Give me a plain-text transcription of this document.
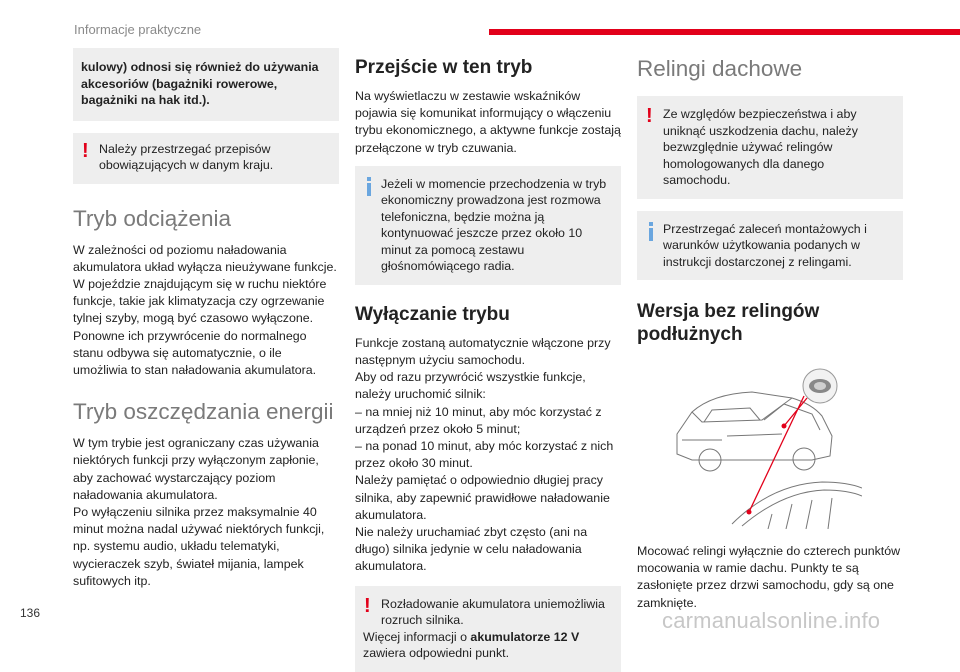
Informacje praktyczne

kulowy) odnosi się również do używania akcesoriów (bagażniki rowerowe, bagażniki na hak itd.).

! Należy przestrzegać przepisów obowiązujących w danym kraju.

Tryb odciążenia

W zależności od poziomu naładowania akumulatora układ wyłącza nieużywane funkcje. W pojeździe znajdującym się w ruchu niektóre funkcje, takie jak klimatyzacja czy ogrzewanie tylnej szyby, mogą być czasowo wyłączone. Ponowne ich przywrócenie do normalnego stanu odbywa się automatycznie, o ile umożliwia to stan naładowania akumulatora.

Tryb oszczędzania energii

W tym trybie jest ograniczany czas używania niektórych funkcji przy wyłączonym zapłonie, aby zachować wystarczający poziom naładowania akumulatora.
Po wyłączeniu silnika przez maksymalnie 40 minut można nadal używać niektórych funkcji, np. systemu audio, układu telematyki, wycieraczek szyb, świateł mijania, lampek sufitowych itp.

Przejście w ten tryb

Na wyświetlaczu w zestawie wskaźników pojawia się komunikat informujący o włączeniu trybu ekonomicznego, a aktywne funkcje zostają przełączone w tryb czuwania.

Jeżeli w momencie przechodzenia w tryb ekonomiczny prowadzona jest rozmowa telefoniczna, będzie można ją kontynuować jeszcze przez około 10 minut za pomocą zestawu głośnomówiącego radia.

Wyłączanie trybu

Funkcje zostaną automatycznie włączone przy następnym użyciu samochodu.
Aby od razu przywrócić wszystkie funkcje, należy uruchomić silnik:
– na mniej niż 10 minut, aby móc korzystać z urządzeń przez około 5 minut;
– na ponad 10 minut, aby móc korzystać z nich przez około 30 minut.
Należy pamiętać o odpowiednio długiej pracy silnika, aby zapewnić prawidłowe naładowanie akumulatora.
Nie należy uruchamiać zbyt często (ani na długo) silnika jedynie w celu naładowania akumulatora.

! Rozładowanie akumulatora uniemożliwia rozruch silnika.

Więcej informacji o akumulatorze 12 V zawiera odpowiedni punkt.

Relingi dachowe
! Ze względów bezpieczeństwa i aby uniknąć uszkodzenia dachu, należy bezwzględnie używać relingów homologowanych dla danego samochodu.

Przestrzegać zaleceń montażowych i warunków użytkowania podanych w instrukcji dostarczonej z relingami.

Wersja bez relingów podłużnych

Mocować relingi wyłącznie do czterech punktów mocowania w ramie dachu. Punkty te są zasłonięte przez drzwi samochodu, gdy są one zamknięte.

136	carmanualsonline.info
